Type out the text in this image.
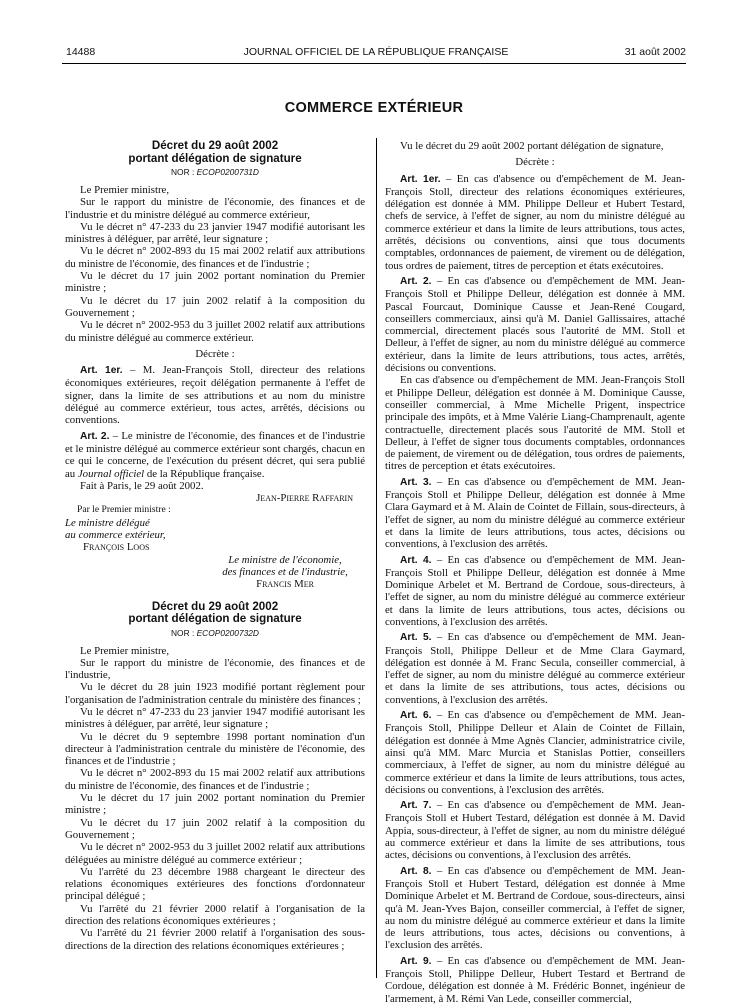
14488	JOURNAL OFFICIEL DE LA RÉPUBLIQUE FRANÇAISE	31 août 2002
COMMERCE EXTÉRIEUR
Décret du 29 août 2002
portant délégation de signature
NOR : ECOP0200731D

Le Premier ministre,

Sur le rapport du ministre de l'économie, des finances et de l'industrie et du ministre délégué au commerce extérieur,

Vu le décret n° 47-233 du 23 janvier 1947 modifié autorisant les ministres à déléguer, par arrêté, leur signature ;

Vu le décret n° 2002-893 du 15 mai 2002 relatif aux attributions du ministre de l'économie, des finances et de l'industrie ;

Vu le décret du 17 juin 2002 portant nomination du Premier ministre ;

Vu le décret du 17 juin 2002 relatif à la composition du Gouvernement ;

Vu le décret n° 2002-953 du 3 juillet 2002 relatif aux attributions du ministre délégué au commerce extérieur.

Décrète :

Art. 1er. – M. Jean-François Stoll, directeur des relations économiques extérieures, reçoit délégation permanente à l'effet de signer, dans la limite de ses attributions et au nom du ministre délégué au commerce extérieur, tous actes, arrêtés, décisions ou conventions.

Art. 2. – Le ministre de l'économie, des finances et de l'industrie et le ministre délégué au commerce extérieur sont chargés, chacun en ce qui le concerne, de l'exécution du présent décret, qui sera publié au Journal officiel de la République française.

Fait à Paris, le 29 août 2002.

Jean-Pierre Raffarin

Par le Premier ministre :

Le ministre délégué

au commerce extérieur,

François Loos

Le ministre de l'économie,

des finances et de l'industrie,

Francis Mer

Décret du 29 août 2002
portant délégation de signature
NOR : ECOP0200732D

Le Premier ministre,

Sur le rapport du ministre de l'économie, des finances et de l'industrie,

Vu le décret du 28 juin 1923 modifié portant règlement pour l'organisation de l'administration centrale du ministère des finances ;

Vu le décret n° 47-233 du 23 janvier 1947 modifié autorisant les ministres à déléguer, par arrêté, leur signature ;

Vu le décret du 9 septembre 1998 portant nomination d'un directeur à l'administration centrale du ministère de l'économie, des finances et de l'industrie ;

Vu le décret n° 2002-893 du 15 mai 2002 relatif aux attributions du ministre de l'économie, des finances et de l'industrie ;

Vu le décret du 17 juin 2002 portant nomination du Premier ministre ;

Vu le décret du 17 juin 2002 relatif à la composition du Gouvernement ;

Vu le décret n° 2002-953 du 3 juillet 2002 relatif aux attributions déléguées au ministre délégué au commerce extérieur ;

Vu l'arrêté du 23 décembre 1988 chargeant le directeur des relations économiques extérieures des fonctions d'ordonnateur principal délégué ;

Vu l'arrêté du 21 février 2000 relatif à l'organisation de la direction des relations économiques extérieures ;

Vu l'arrêté du 21 février 2000 relatif à l'organisation des sous-directions de la direction des relations économiques extérieures ;

Vu le décret du 29 août 2002 portant délégation de signature,

Décrète :

Art. 1er. – En cas d'absence ou d'empêchement de M. Jean-François Stoll, directeur des relations économiques extérieures, délégation est donnée à MM. Philippe Delleur et Hubert Testard, chefs de service, à l'effet de signer, au nom du ministre délégué au commerce extérieur et dans la limite de leurs attributions, tous actes, arrêtés, décisions ou conventions, ainsi que tous documents comptables, ordonnances de paiement, de virement ou de délégation, tous ordres de paiement, titres de perception et états exécutoires.

Art. 2. – En cas d'absence ou d'empêchement de MM. Jean-François Stoll et Philippe Delleur, délégation est donnée à MM. Pascal Fourcaut, Dominique Causse et Jean-René Cougard, conseillers commerciaux, ainsi qu'à M. Daniel Gallissaires, attaché commercial, directement placés sous l'autorité de MM. Stoll et Delleur, à l'effet de signer, au nom du ministre délégué au commerce extérieur, dans la limite de leurs attributions, tous actes, arrêtés, décisions ou conventions.

En cas d'absence ou d'empêchement de MM. Jean-François Stoll et Philippe Delleur, délégation est donnée à M. Dominique Causse, conseiller commercial, à Mme Michelle Prigent, inspectrice principale des impôts, et à Mme Valérie Liang-Champrenault, agente contractuelle, directement placés sous l'autorité de MM. Stoll et Delleur, à l'effet de signer tous documents comptables, ordonnances de paiement, de virement ou de délégation, tous ordres de paiements, titres de perception et états exécutoires.

Art. 3. – En cas d'absence ou d'empêchement de MM. Jean-François Stoll et Philippe Delleur, délégation est donnée à Mme Clara Gaymard et à M. Alain de Cointet de Fillain, sous-directeurs, à l'effet de signer, au nom du ministre délégué au commerce extérieur et dans la limite de leurs attributions, tous actes, décisions ou conventions, à l'exclusion des arrêtés.

Art. 4. – En cas d'absence ou d'empêchement de MM. Jean-François Stoll et Philippe Delleur, délégation est donnée à Mme Dominique Arbelet et M. Bertrand de Cordoue, sous-directeurs, à l'effet de signer, au nom du ministre délégué au commerce extérieur et dans la limite de leurs attributions, tous actes, décisions ou conventions, à l'exclusion des arrêtés.

Art. 5. – En cas d'absence ou d'empêchement de MM. Jean-François Stoll, Philippe Delleur et de Mme Clara Gaymard, délégation est donnée à M. Franc Secula, conseiller commercial, à l'effet de signer, au nom du ministre délégué au commerce extérieur et dans la limite de ses attributions, tous actes, décisions ou conventions, à l'exclusion des arrêtés.

Art. 6. – En cas d'absence ou d'empêchement de MM. Jean-François Stoll, Philippe Delleur et Alain de Cointet de Fillain, délégation est donnée à Mme Agnès Clancier, administratrice civile, ainsi qu'à MM. Marc Murcia et Stanislas Pottier, conseillers commerciaux, à l'effet de signer, au nom du ministre délégué au commerce extérieur et dans la limite de leurs attributions, tous actes, décisions ou conventions, à l'exclusion des arrêtés.

Art. 7. – En cas d'absence ou d'empêchement de MM. Jean-François Stoll et Hubert Testard, délégation est donnée à M. David Appia, sous-directeur, à l'effet de signer, au nom du ministre délégué au commerce extérieur et dans la limite de ses attributions, tous actes, décisions ou conventions, à l'exclusion des arrêtés.

Art. 8. – En cas d'absence ou d'empêchement de MM. Jean-François Stoll et Hubert Testard, délégation est donnée à Mme Dominique Arbelet et M. Bertrand de Cordoue, sous-directeurs, ainsi qu'à M. Jean-Yves Bajon, conseiller commercial, à l'effet de signer, au nom du ministre délégué au commerce extérieur et dans la limite de leurs attributions, tous actes, décisions ou conventions, à l'exclusion des arrêtés.

Art. 9. – En cas d'absence ou d'empêchement de MM. Jean-François Stoll, Philippe Delleur, Hubert Testard et Bertrand de Cordoue, délégation est donnée à M. Frédéric Bonnet, ingénieur de l'armement, à M. Rémi Van Lede, conseiller commercial,
